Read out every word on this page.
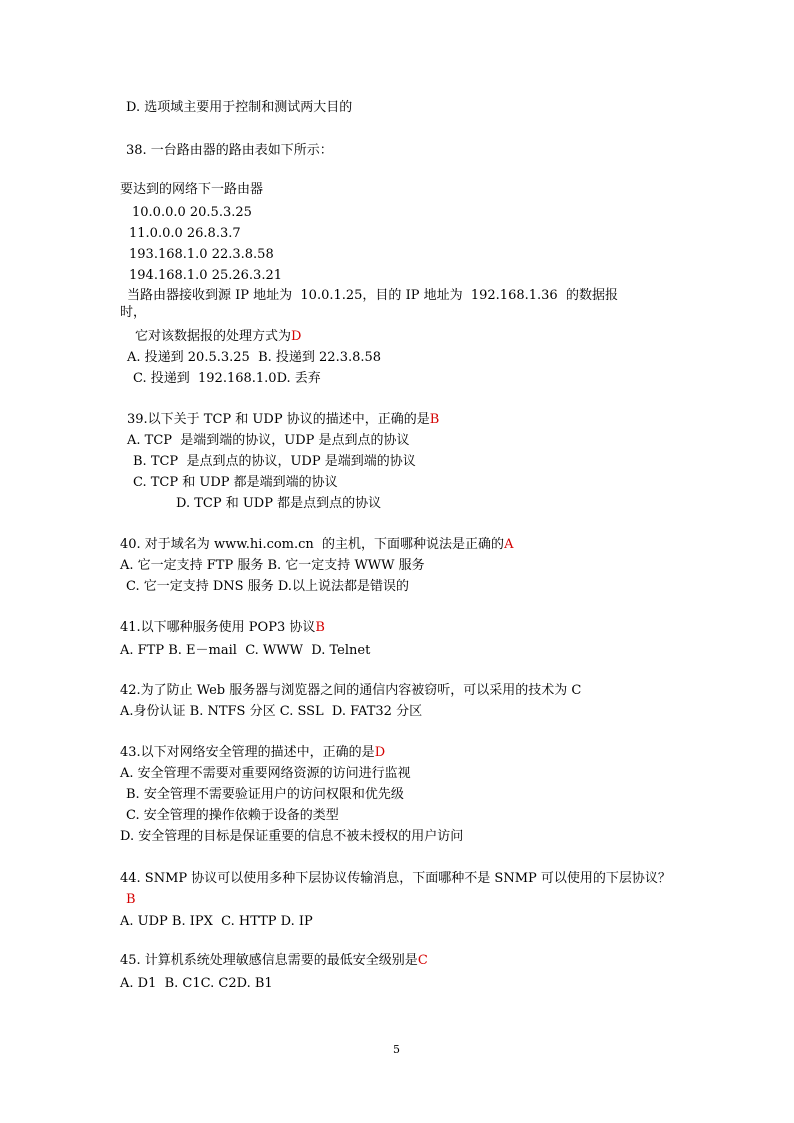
D. 选项域主要用于控制和测试两大目的
38. 一台路由器的路由表如下所示：
要达到的网络下一路由器
10.0.0.0 20.5.3.25
11.0.0.0 26.8.3.7
193.168.1.0 22.3.8.58
194.168.1.0 25.26.3.21
当路由器接收到源 IP 地址为  10.0.1.25，目的 IP 地址为  192.168.1.36  的数据报
时，
它对该数据报的处理方式为D
A. 投递到 20.5.3.25  B. 投递到 22.3.8.58
C. 投递到  192.168.1.0D. 丢弃
39.以下关于 TCP 和 UDP 协议的描述中，正确的是B
A. TCP  是端到端的协议，UDP 是点到点的协议
B. TCP  是点到点的协议，UDP 是端到端的协议
C. TCP 和 UDP 都是端到端的协议
D. TCP 和 UDP 都是点到点的协议
40. 对于域名为 www.hi.com.cn  的主机，下面哪种说法是正确的A
A. 它一定支持 FTP 服务 B. 它一定支持 WWW 服务
C. 它一定支持 DNS 服务 D.以上说法都是错误的
41.以下哪种服务使用 POP3 协议B
A. FTP B. E－mail  C. WWW  D. Telnet
42.为了防止 Web 服务器与浏览器之间的通信内容被窃听，可以采用的技术为 C
A.身份认证 B. NTFS 分区 C. SSL  D. FAT32 分区
43.以下对网络安全管理的描述中，正确的是D
A. 安全管理不需要对重要网络资源的访问进行监视
B. 安全管理不需要验证用户的访问权限和优先级
C. 安全管理的操作依赖于设备的类型
D. 安全管理的目标是保证重要的信息不被未授权的用户访问
44. SNMP 协议可以使用多种下层协议传输消息，下面哪种不是 SNMP 可以使用的下层协议？
B
A. UDP B. IPX  C. HTTP D. IP
45. 计算机系统处理敏感信息需要的最低安全级别是C
A. D1  B. C1C. C2D. B1
5
